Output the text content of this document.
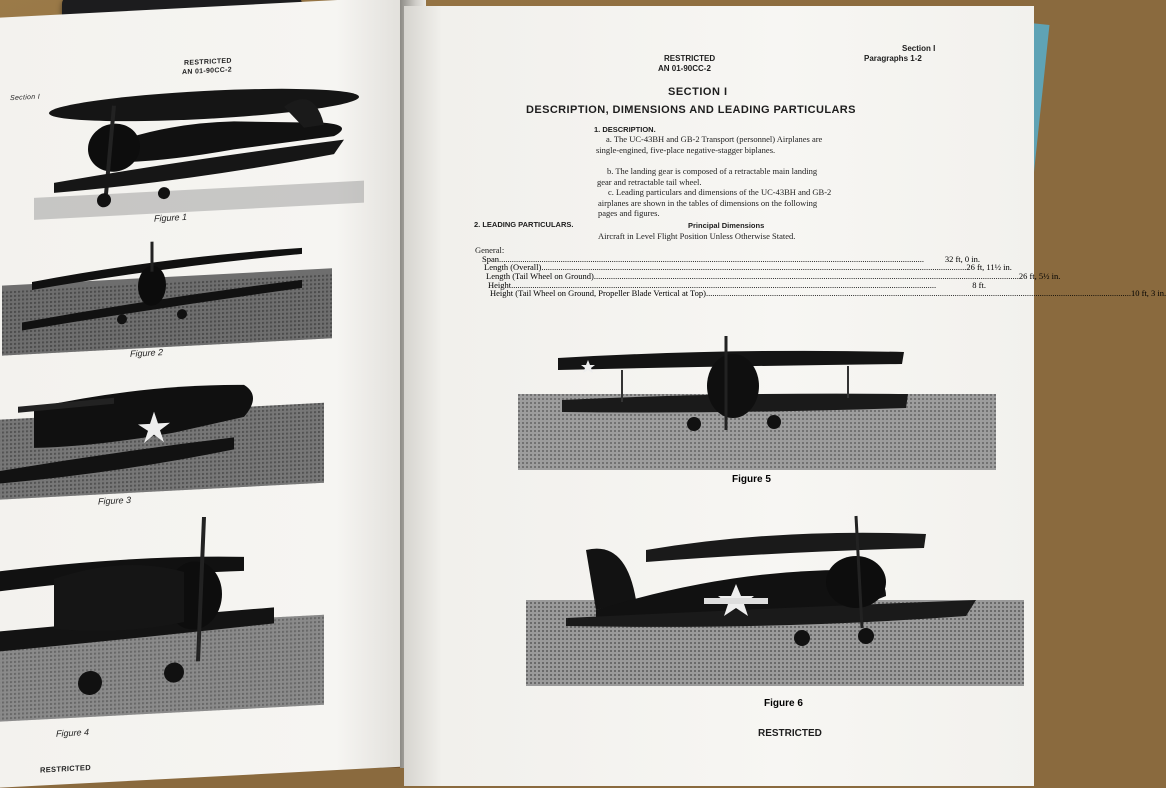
RESTRICTED
AN 01-90CC-2
Section I
Figure 1
Figure 2
Figure 3
Figure 4
RESTRICTED
RESTRICTED
AN 01-90CC-2
Section I
Paragraphs 1-2
SECTION I
DESCRIPTION, DIMENSIONS AND LEADING PARTICULARS
1. DESCRIPTION.
a. The UC-43BH and GB-2 Transport (personnel) Airplanes are single-engined, five-place negative-stagger biplanes.
b. The landing gear is composed of a retractable main landing gear and retractable tail wheel.
c. Leading particulars and dimensions of the UC-43BH and GB-2 airplanes are shown in the tables of dimensions on the following pages and figures.
2. LEADING PARTICULARS.	Principal Dimensions
Aircraft in Level Flight Position Unless Otherwise Stated.
General:
Span ........................................................................................................................................................................................................	32 ft, 0 in.
Length (Overall) ........................................................................................................................................................................................................ 26 ft, 11½ in.
Length (Tail Wheel on Ground) ........................................................................................................................................................................................................ 26 ft, 5½ in.
Height ........................................................................................................................................................................................................	8 ft.
Height (Tail Wheel on Ground, Propeller Blade Vertical at Top) ........................................................................................................................................................................................................ 10 ft, 3 in.
Figure 5
Figure 6
RESTRICTED
